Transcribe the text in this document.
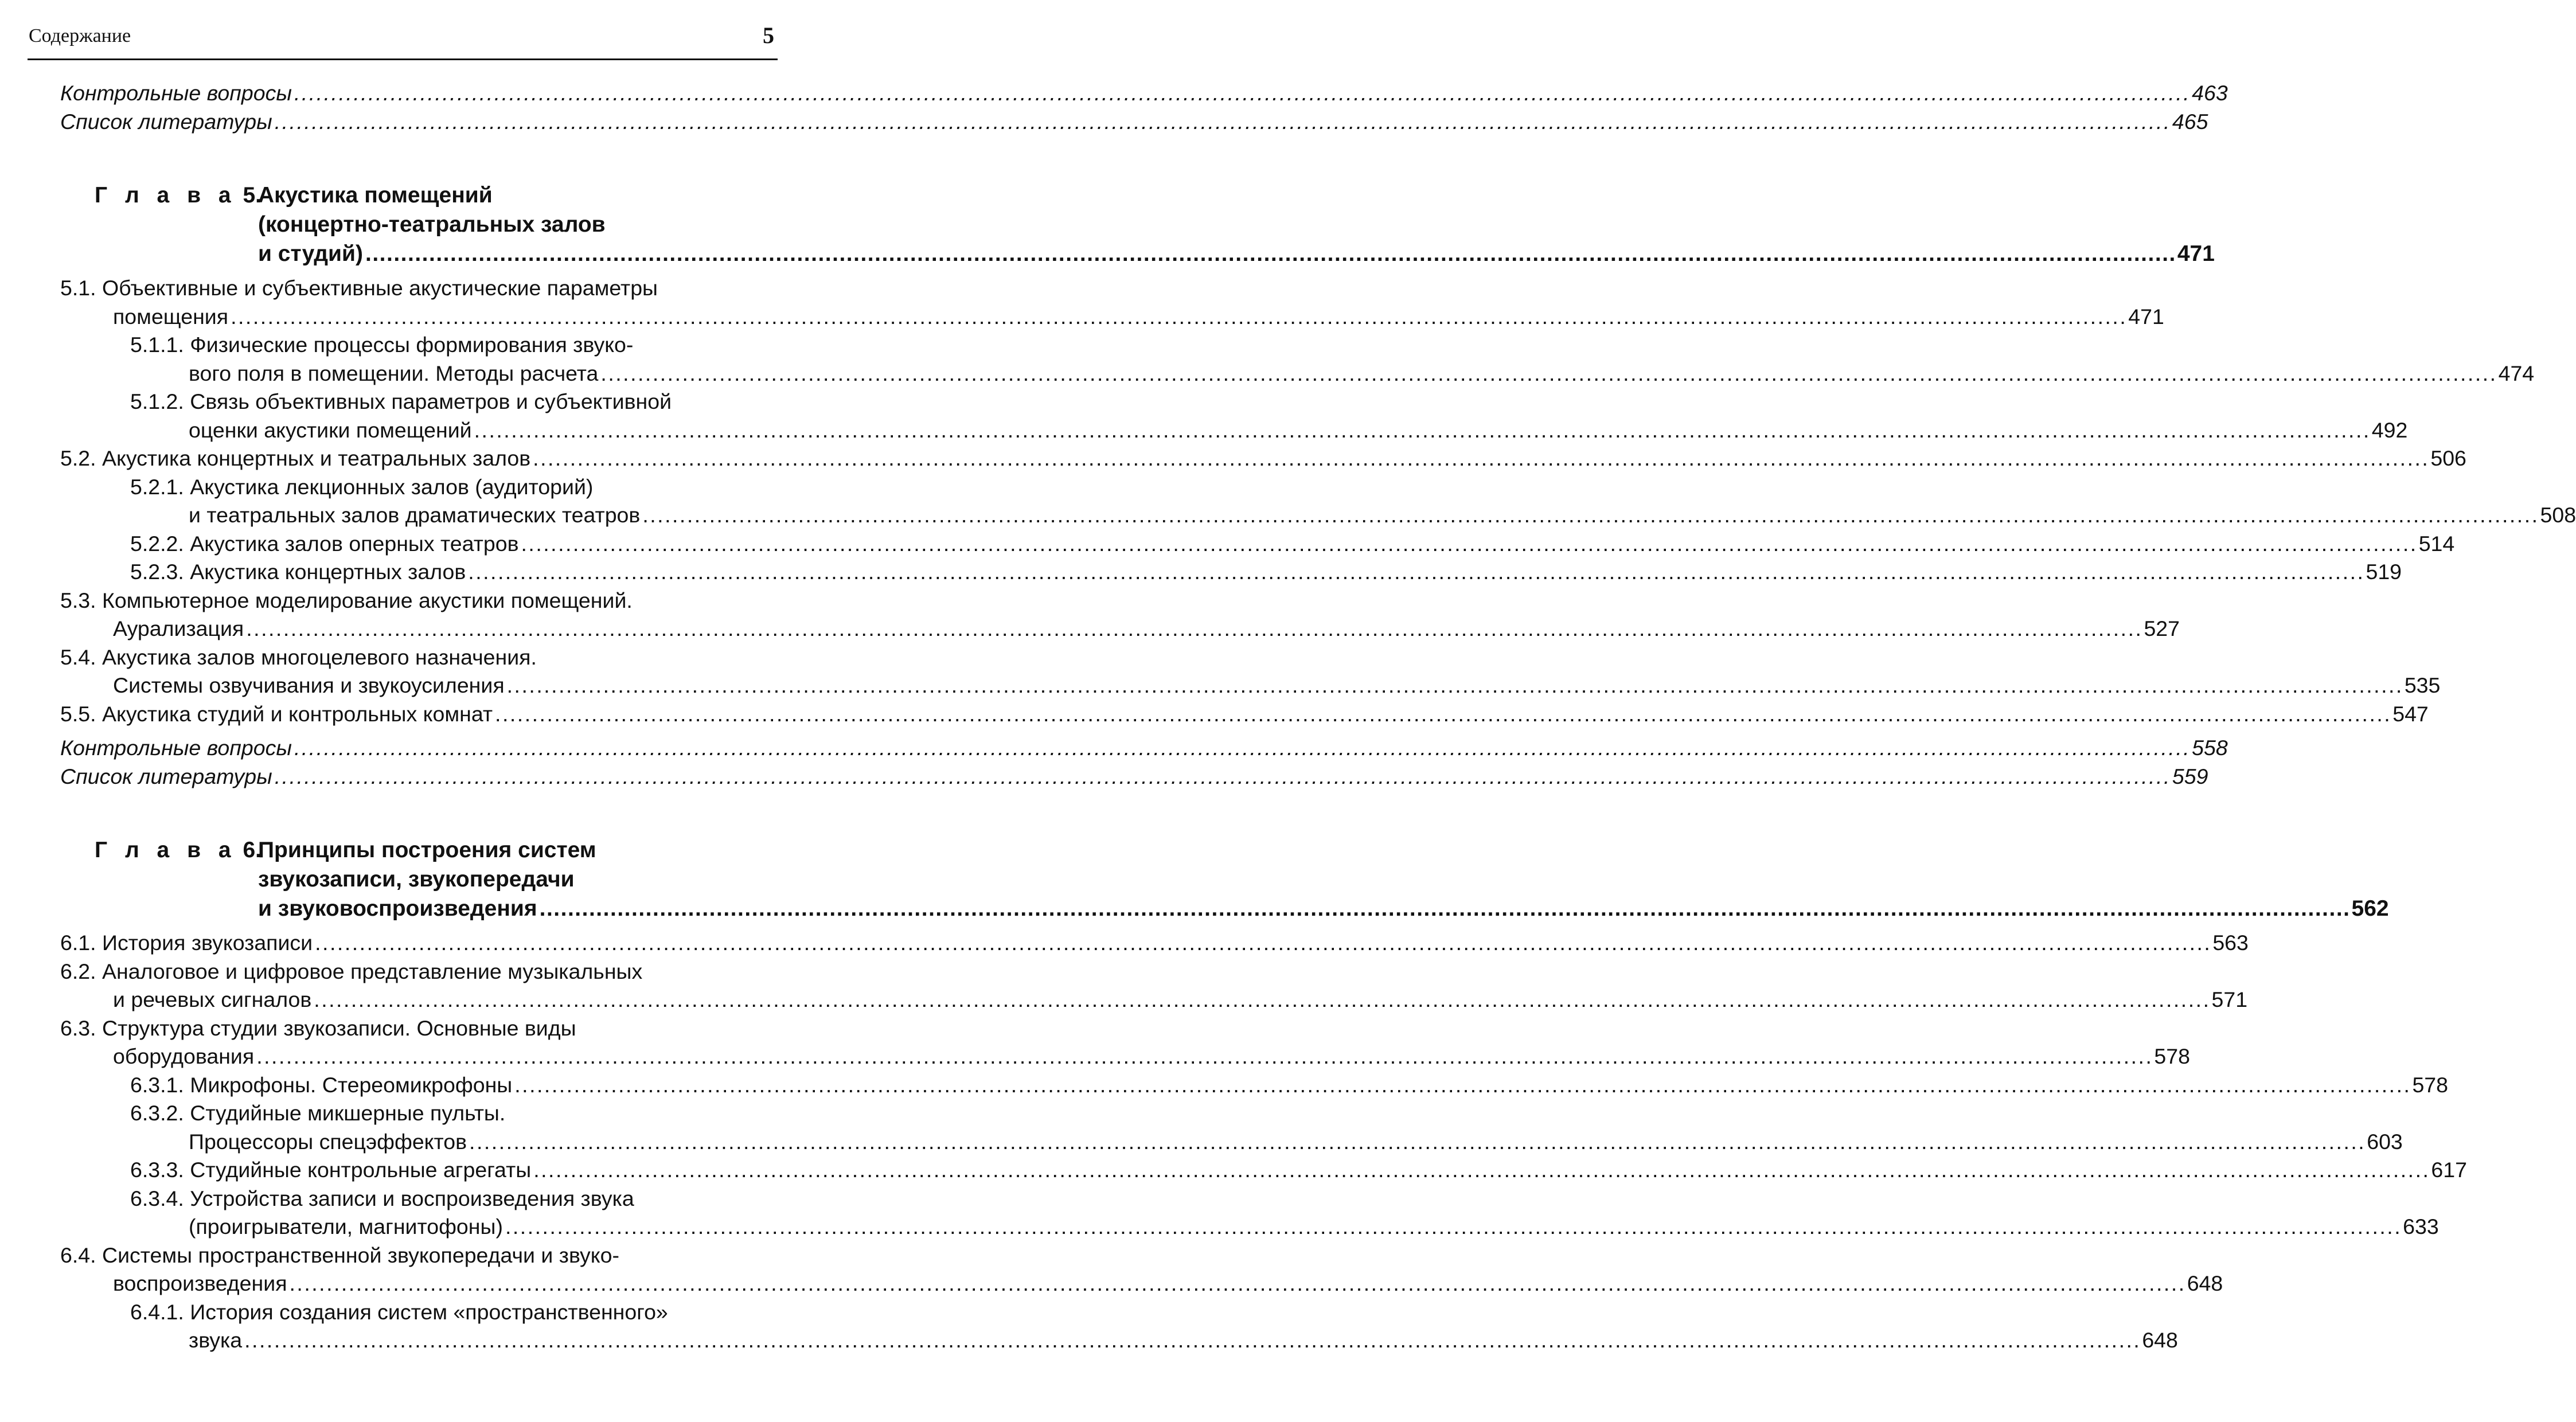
Содержание	5
Контрольные вопросы ................................................................................................................................................................................................................................................................ 463
Список литературы ................................................................................................................................................................................................................................................................ 465
Г л а в а 5.
Акустика помещений
(концертно-театральных залов
и студий) ................................................................................................................................................................................................................................................................ 471
5.1. Объективные и субъективные акустические параметры
помещения ................................................................................................................................................................................................................................................................ 471
5.1.1. Физические процессы формирования звуко-
вого поля в помещении. Методы расчета ................................................................................................................................................................................................................................................................ 474
5.1.2. Связь объективных параметров и субъективной
оценки акустики помещений ................................................................................................................................................................................................................................................................ 492
5.2. Акустика концертных и театральных залов ................................................................................................................................................................................................................................................................ 506
5.2.1. Акустика лекционных залов (аудиторий)
и театральных залов драматических театров ................................................................................................................................................................................................................................................................ 508
5.2.2. Акустика залов оперных театров ................................................................................................................................................................................................................................................................ 514
5.2.3. Акустика концертных залов ................................................................................................................................................................................................................................................................ 519
5.3. Компьютерное моделирование акустики помещений.
Аурализация ................................................................................................................................................................................................................................................................ 527
5.4. Акустика залов многоцелевого назначения.
Системы озвучивания и звукоусиления ................................................................................................................................................................................................................................................................ 535
5.5. Акустика студий и контрольных комнат ................................................................................................................................................................................................................................................................ 547
Контрольные вопросы ................................................................................................................................................................................................................................................................ 558
Список литературы ................................................................................................................................................................................................................................................................ 559
Г л а в а 6.
Принципы построения систем
звукозаписи, звукопередачи
и звуковоспроизведения ................................................................................................................................................................................................................................................................ 562
6.1. История звукозаписи ................................................................................................................................................................................................................................................................ 563
6.2. Аналоговое и цифровое представление музыкальных
и речевых сигналов ................................................................................................................................................................................................................................................................ 571
6.3. Структура студии звукозаписи. Основные виды
оборудования ................................................................................................................................................................................................................................................................ 578
6.3.1. Микрофоны. Стереомикрофоны ................................................................................................................................................................................................................................................................ 578
6.3.2. Студийные микшерные пульты.
Процессоры спецэффектов ................................................................................................................................................................................................................................................................ 603
6.3.3. Студийные контрольные агрегаты ................................................................................................................................................................................................................................................................ 617
6.3.4. Устройства записи и воспроизведения звука
(проигрыватели, магнитофоны) ................................................................................................................................................................................................................................................................ 633
6.4. Системы пространственной звукопередачи и звуко-
воспроизведения ................................................................................................................................................................................................................................................................ 648
6.4.1. История создания систем «пространственного»
звука ................................................................................................................................................................................................................................................................ 648
